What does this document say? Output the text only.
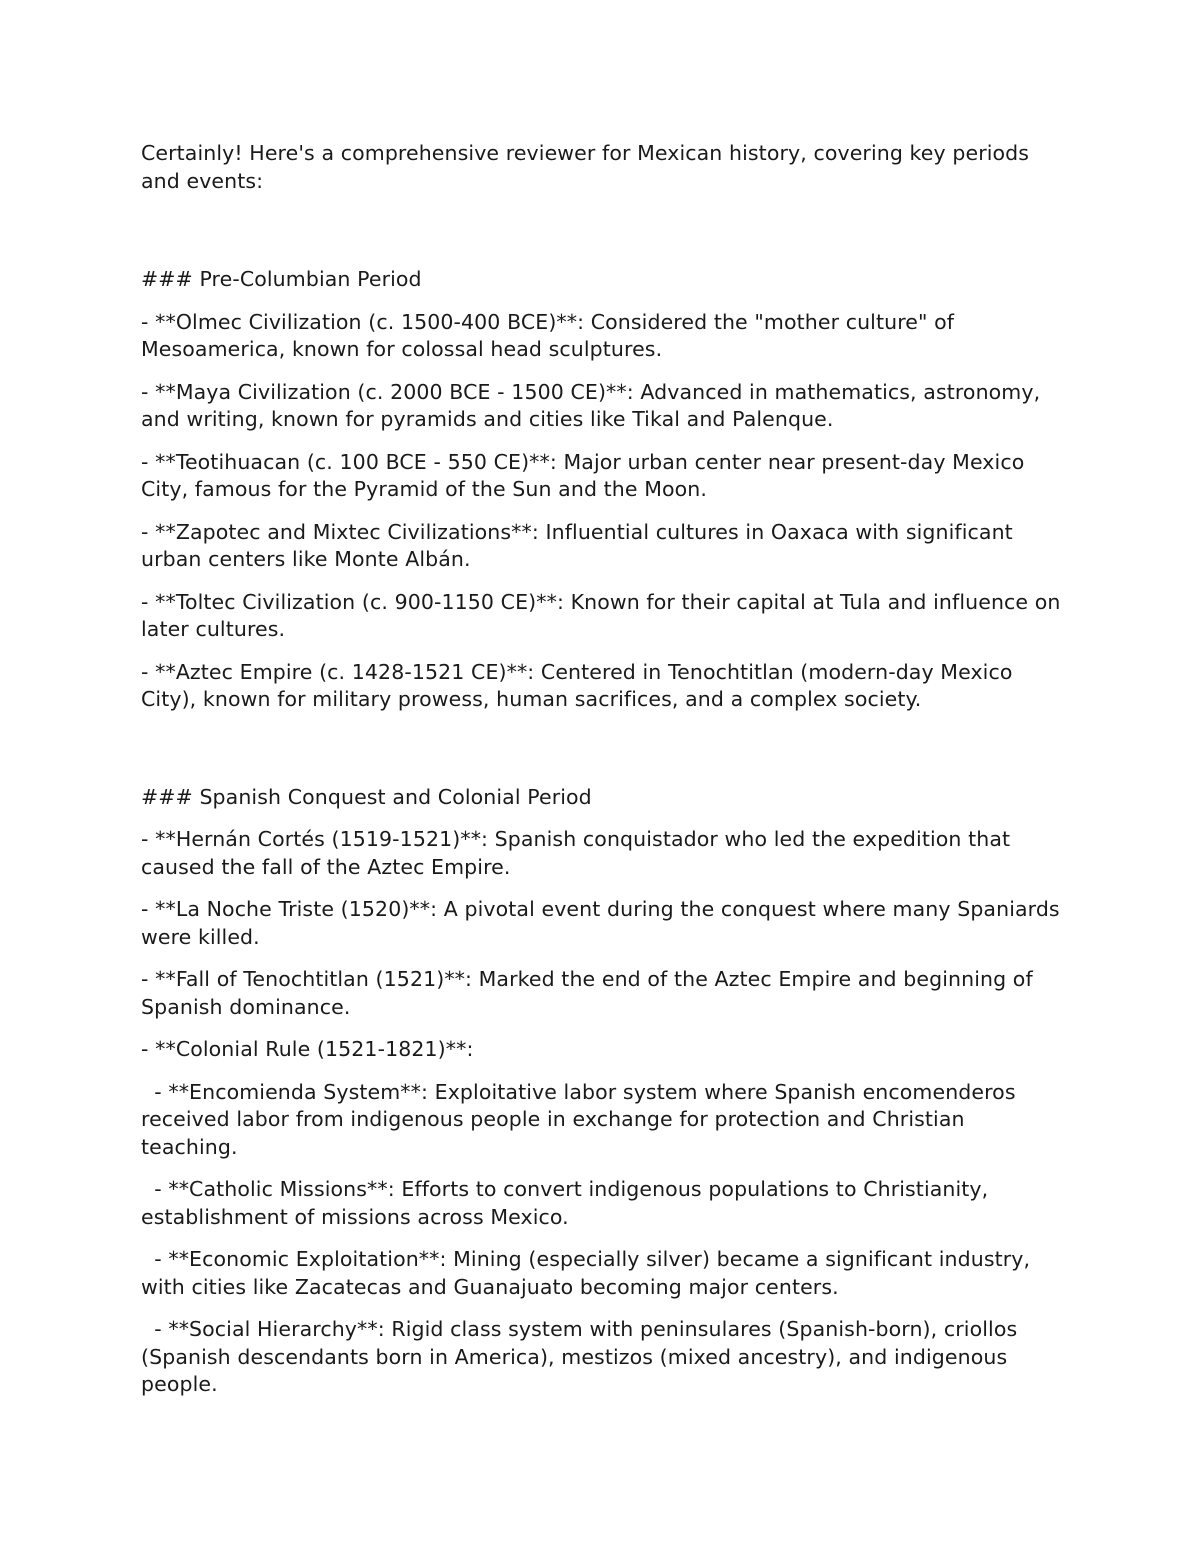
Certainly! Here's a comprehensive reviewer for Mexican history, covering key periods and events:

### Pre-Columbian Period

- **Olmec Civilization (c. 1500-400 BCE)**: Considered the "mother culture" of Mesoamerica, known for colossal head sculptures.

- **Maya Civilization (c. 2000 BCE - 1500 CE)**: Advanced in mathematics, astronomy, and writing, known for pyramids and cities like Tikal and Palenque.

- **Teotihuacan (c. 100 BCE - 550 CE)**: Major urban center near present-day Mexico City, famous for the Pyramid of the Sun and the Moon.

- **Zapotec and Mixtec Civilizations**: Influential cultures in Oaxaca with significant urban centers like Monte Albán.

- **Toltec Civilization (c. 900-1150 CE)**: Known for their capital at Tula and influence on later cultures.

- **Aztec Empire (c. 1428-1521 CE)**: Centered in Tenochtitlan (modern-day Mexico City), known for military prowess, human sacrifices, and a complex society.

### Spanish Conquest and Colonial Period

- **Hernán Cortés (1519-1521)**: Spanish conquistador who led the expedition that caused the fall of the Aztec Empire.

- **La Noche Triste (1520)**: A pivotal event during the conquest where many Spaniards were killed.

- **Fall of Tenochtitlan (1521)**: Marked the end of the Aztec Empire and beginning of Spanish dominance.

- **Colonial Rule (1521-1821)**:

- **Encomienda System**: Exploitative labor system where Spanish encomenderos received labor from indigenous people in exchange for protection and Christian teaching.

- **Catholic Missions**: Efforts to convert indigenous populations to Christianity, establishment of missions across Mexico.

- **Economic Exploitation**: Mining (especially silver) became a significant industry, with cities like Zacatecas and Guanajuato becoming major centers.

- **Social Hierarchy**: Rigid class system with peninsulares (Spanish-born), criollos (Spanish descendants born in America), mestizos (mixed ancestry), and indigenous people.
